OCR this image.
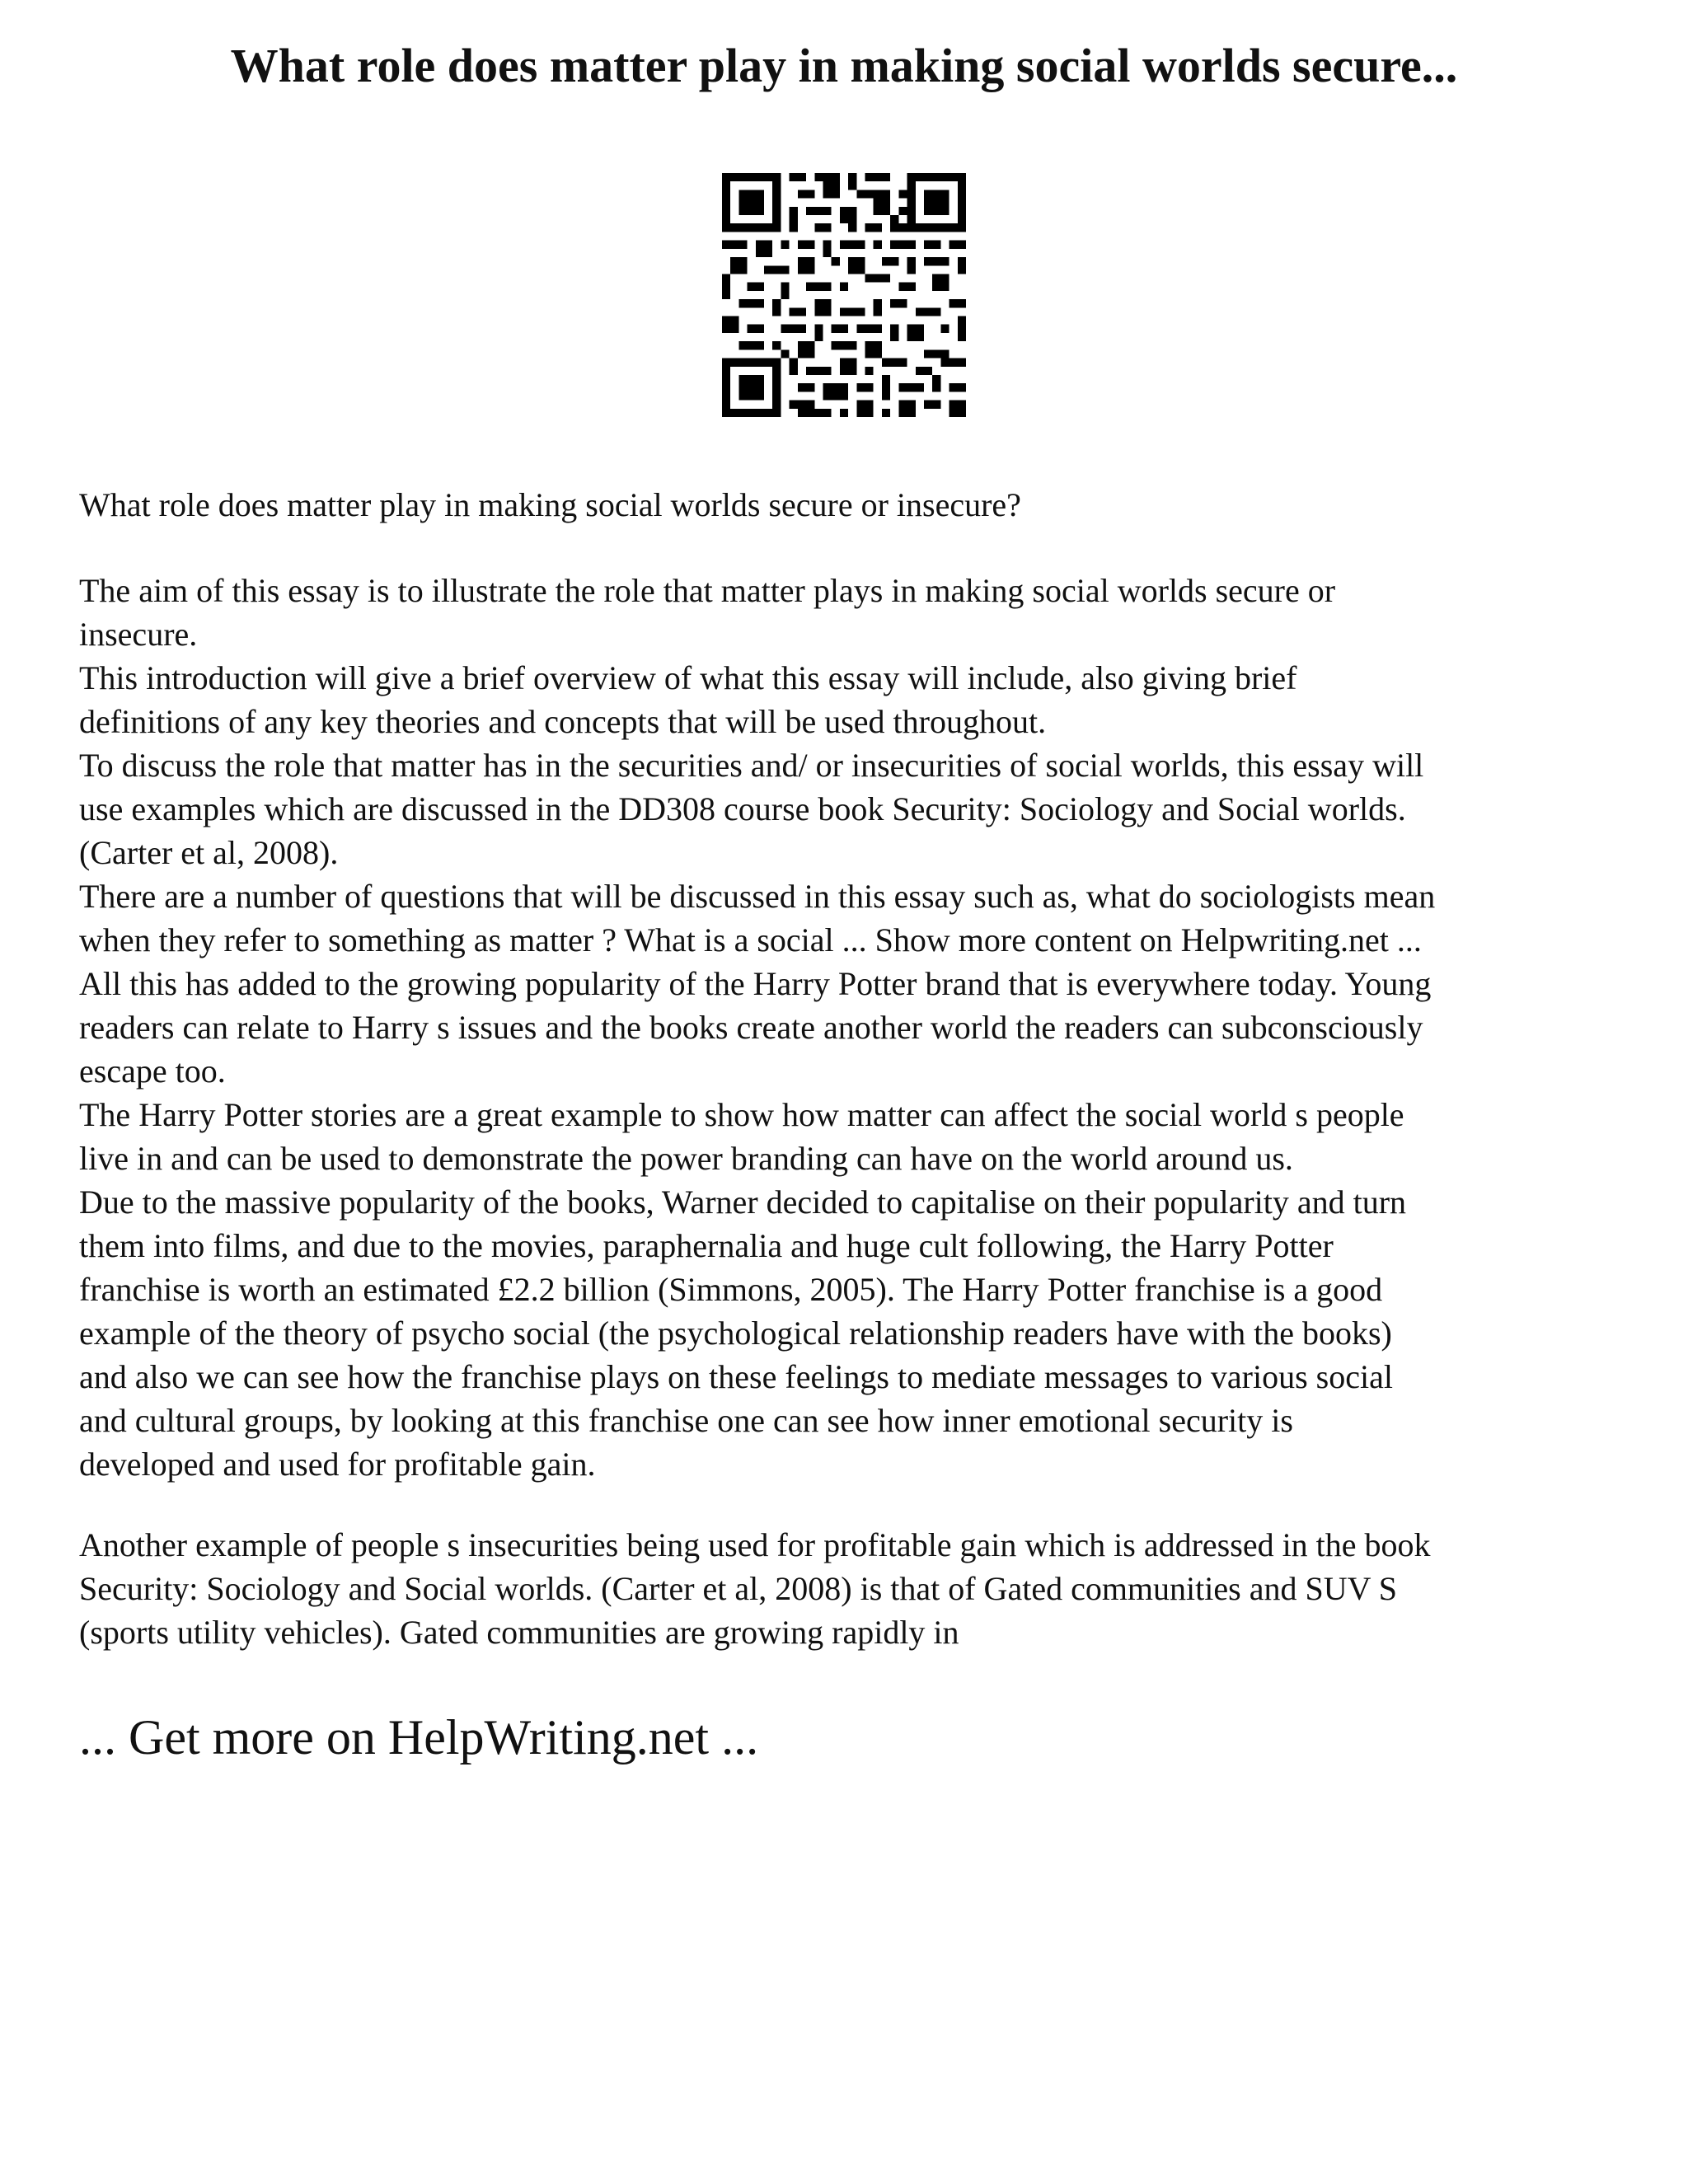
What role does matter play in making social worlds secure...

What role does matter play in making social worlds secure or insecure?

The aim of this essay is to illustrate the role that matter plays in making social worlds secure or
insecure.
This introduction will give a brief overview of what this essay will include, also giving brief
definitions of any key theories and concepts that will be used throughout.
To discuss the role that matter has in the securities and/ or insecurities of social worlds, this essay will
use examples which are discussed in the DD308 course book Security: Sociology and Social worlds.
(Carter et al, 2008).
There are a number of questions that will be discussed in this essay such as, what do sociologists mean
when they refer to something as matter ? What is a social ... Show more content on Helpwriting.net ...
All this has added to the growing popularity of the Harry Potter brand that is everywhere today. Young
readers can relate to Harry s issues and the books create another world the readers can subconsciously
escape too.
The Harry Potter stories are a great example to show how matter can affect the social world s people
live in and can be used to demonstrate the power branding can have on the world around us.
Due to the massive popularity of the books, Warner decided to capitalise on their popularity and turn
them into films, and due to the movies, paraphernalia and huge cult following, the Harry Potter
franchise is worth an estimated £2.2 billion (Simmons, 2005). The Harry Potter franchise is a good
example of the theory of psycho social (the psychological relationship readers have with the books)
and also we can see how the franchise plays on these feelings to mediate messages to various social
and cultural groups, by looking at this franchise one can see how inner emotional security is
developed and used for profitable gain.
Another example of people s insecurities being used for profitable gain which is addressed in the book
Security: Sociology and Social worlds. (Carter et al, 2008) is that of Gated communities and SUV S
(sports utility vehicles). Gated communities are growing rapidly in

... Get more on HelpWriting.net ...
